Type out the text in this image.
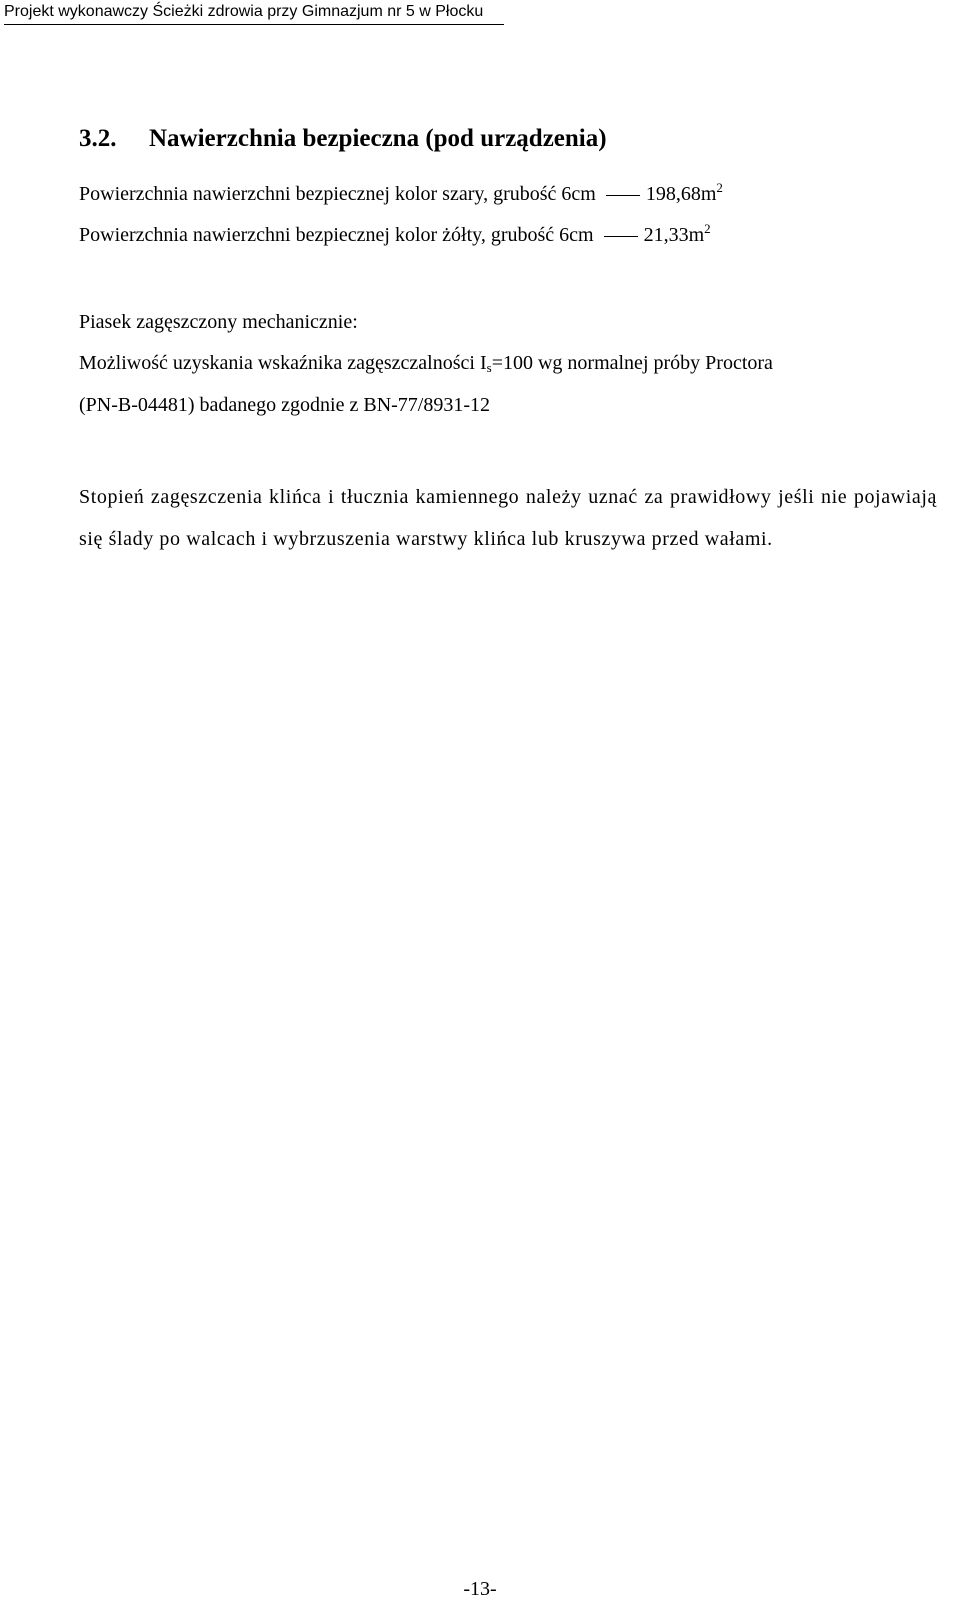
Projekt wykonawczy Ścieżki zdrowia przy Gimnazjum nr 5 w Płocku
3.2. Nawierzchnia bezpieczna (pod urządzenia)
Powierzchnia nawierzchni bezpiecznej kolor szary, grubość 6cm	$198,68m^2$
Powierzchnia nawierzchni bezpiecznej kolor żółty, grubość 6cm	$21,33m^2$
Piasek zagęszczony mechanicznie:
Możliwość uzyskania wskaźnika zagęszczalności $I_s=100$ wg normalnej próby Proctora
(PN-B-04481) badanego zgodnie z BN-77/8931-12
Stopień zagęszczenia klińca i tłucznia kamiennego należy uznać za prawidłowy jeśli nie pojawiają się ślady po walcach i wybrzuszenia warstwy klińca lub kruszywa przed wałami.
-13-
